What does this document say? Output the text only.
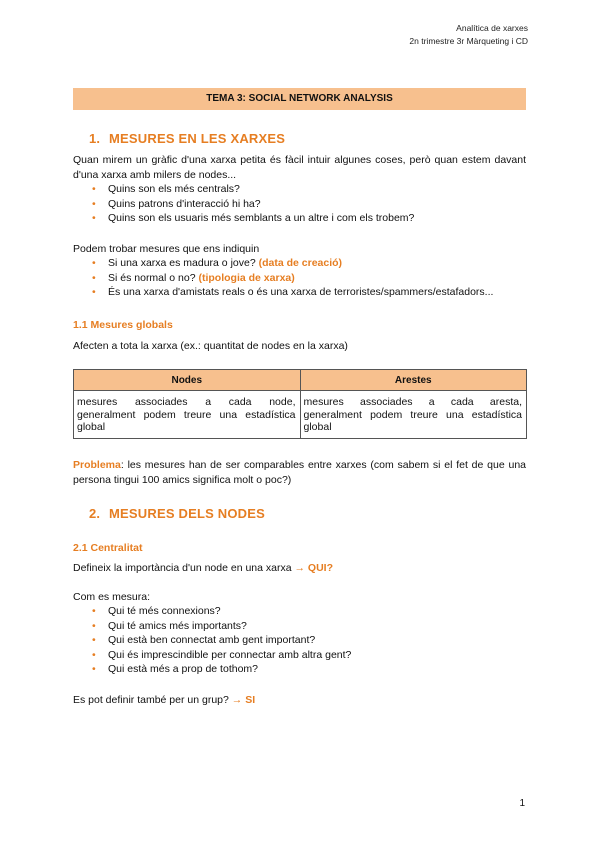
Analítica de xarxes
2n trimestre 3r Màrqueting i CD
TEMA 3: SOCIAL NETWORK ANALYSIS
1. MESURES EN LES XARXES
Quan mirem un gràfic d'una xarxa petita és fàcil intuir algunes coses, però quan estem davant d'una xarxa amb milers de nodes...
• Quins son els més centrals?
• Quins patrons d'interacció hi ha?
• Quins son els usuaris més semblants a un altre i com els trobem?
Podem trobar mesures que ens indiquin
• Si una xarxa es madura o jove? (data de creació)
• Si és normal o no? (tipologia de xarxa)
• És una xarxa d'amistats reals o és una xarxa de terroristes/spammers/estafadors...
1.1 Mesures globals
Afecten a tota la xarxa (ex.: quantitat de nodes en la xarxa)
Nodes	Arestes
mesures associades a cada node, generalment podem treure una estadística global	mesures associades a cada aresta, generalment podem treure una estadística global
Problema: les mesures han de ser comparables entre xarxes (com sabem si el fet de que una persona tingui 100 amics significa molt o poc?)
2. MESURES DELS NODES
2.1 Centralitat
Defineix la importància d'un node en una xarxa → QUI?
Com es mesura:
• Qui té més connexions?
• Qui té amics més importants?
• Qui està ben connectat amb gent important?
• Qui és imprescindible per connectar amb altra gent?
• Qui està més a prop de tothom?
Es pot definir també per un grup? → SI
1
